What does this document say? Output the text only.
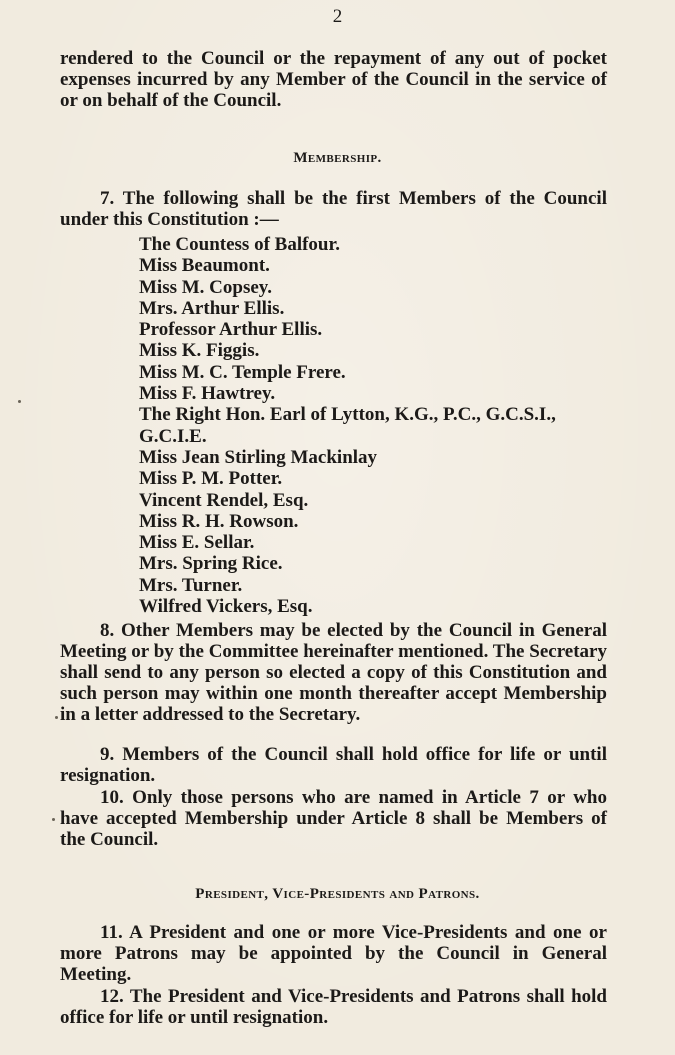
2
rendered to the Council or the repayment of any out of pocket expenses incurred by any Member of the Council in the service of or on behalf of the Council.
Membership.
7. The following shall be the first Members of the Council under this Constitution :—
The Countess of Balfour.
Miss Beaumont.
Miss M. Copsey.
Mrs. Arthur Ellis.
Professor Arthur Ellis.
Miss K. Figgis.
Miss M. C. Temple Frere.
Miss F. Hawtrey.
The Right Hon. Earl of Lytton, K.G., P.C., G.C.S.I.,
G.C.I.E.
Miss Jean Stirling Mackinlay
Miss P. M. Potter.
Vincent Rendel, Esq.
Miss R. H. Rowson.
Miss E. Sellar.
Mrs. Spring Rice.
Mrs. Turner.
Wilfred Vickers, Esq.
8. Other Members may be elected by the Council in General Meeting or by the Committee hereinafter mentioned. The Secretary shall send to any person so elected a copy of this Constitution and such person may within one month thereafter accept Membership in a letter addressed to the Secretary.
9. Members of the Council shall hold office for life or until resignation.
10. Only those persons who are named in Article 7 or who have accepted Membership under Article 8 shall be Members of the Council.
President, Vice-Presidents and Patrons.
11. A President and one or more Vice-Presidents and one or more Patrons may be appointed by the Council in General Meeting.
12. The President and Vice-Presidents and Patrons shall hold office for life or until resignation.
